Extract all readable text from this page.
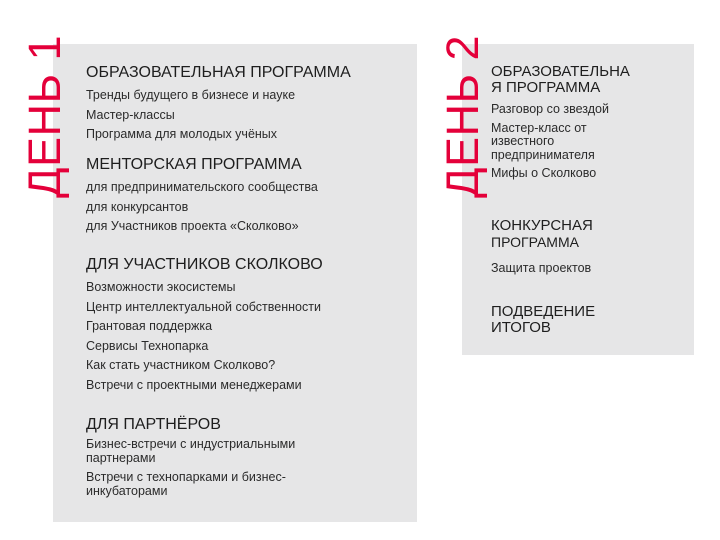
ДЕНЬ 1	ДЕНЬ 2
ОБРАЗОВАТЕЛЬНАЯ ПРОГРАММА
Тренды будущего в бизнесе и науке
Мастер-классы
Программа для молодых учёных
МЕНТОРСКАЯ ПРОГРАММА
для предпринимательского сообщества
для конкурсантов
для Участников проекта «Сколково»
ДЛЯ УЧАСТНИКОВ СКОЛКОВО
Возможности экосистемы
Центр интеллектуальной собственности
Грантовая поддержка
Сервисы Технопарка
Как стать участником Сколково?
Встречи с проектными менеджерами
ДЛЯ ПАРТНЁРОВ
Бизнес-встречи с индустриальными партнерами
Встречи с технопарками и бизнес-инкубаторами
ОБРАЗОВАТЕЛЬНА
Я ПРОГРАММА
Разговор со звездой
Мастер-класс от известного предпринимателя
Мифы о Сколково
КОНКУРСНАЯ
ПРОГРАММА
Защита проектов
ПОДВЕДЕНИЕ
ИТОГОВ
